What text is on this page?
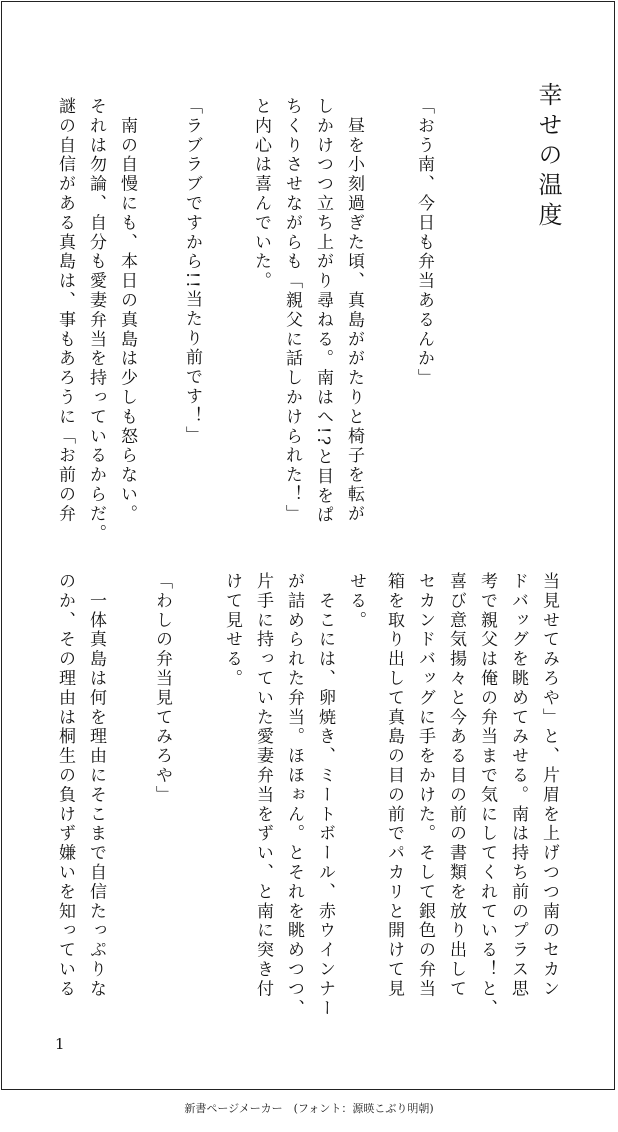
幸せの温度
「おう南、今日も弁当あるんか」
　昼を小刻過ぎた頃、真島ががたりと椅子を転が
しかけつつ立ち上がり尋ねる。南はへ!?と目をぱ
ちくりさせながらも「親父に話しかけられた！」
と内心は喜んでいた。
「ラブラブですから!!当たり前です！」
　南の自慢にも、本日の真島は少しも怒らない。
それは勿論、自分も愛妻弁当を持っているからだ。
謎の自信がある真島は、事もあろうに「お前の弁
当見せてみろや」と、片眉を上げつつ南のセカン
ドバッグを眺めてみせる。南は持ち前のプラス思
考で親父は俺の弁当まで気にしてくれている！と、
喜び意気揚々と今ある目の前の書類を放り出して
セカンドバッグに手をかけた。そして銀色の弁当
箱を取り出して真島の目の前でパカリと開けて見
せる。
　そこには、卵焼き、ミートボール、赤ウインナー
が詰められた弁当。ほほぉん。とそれを眺めつつ、
片手に持っていた愛妻弁当をずい、と南に突き付
けて見せる。
「わしの弁当見てみろや」
　一体真島は何を理由にそこまで自信たっぷりな
のか、その理由は桐生の負けず嫌いを知っている
1
新書ページメーカー　(フォント：源暎こぶり明朝)
